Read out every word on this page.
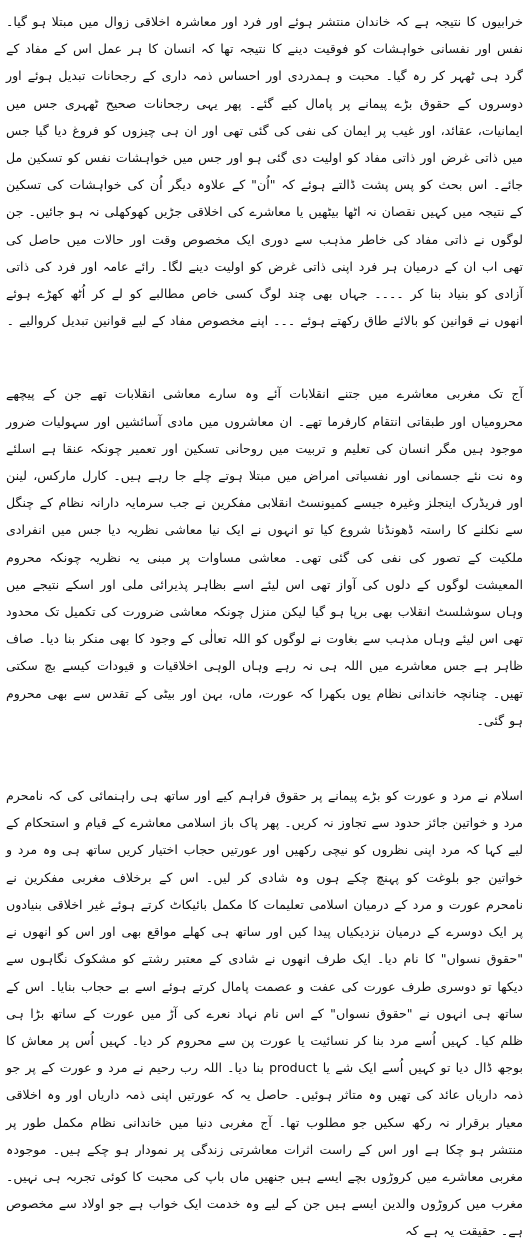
خرابیوں کا نتیجہ ہے کہ خاندان منتشر ہوئے اور فرد اور معاشرہ اخلاقی زوال میں مبتلا ہو گیا۔ نفس اور نفسانی خواہشات کو فوقیت دینے کا نتیجہ تھا کہ انسان کا ہر عمل اس کے مفاد کے گرد ہی ٹھہر کر رہ گیا۔ محبت و ہمدردی اور احساس ذمہ داری کے رجحانات تبدیل ہوئے اور دوسروں کے حقوق بڑے پیمانے پر پامال کیے گئے۔ پھر یہی رجحانات صحیح ٹھہری جس میں ایمانیات، عقائد، اور غیب پر ایمان کی نفی کی گئی تھی اور ان ہی چیزوں کو فروغ دیا گیا جس میں ذاتی غرض اور ذاتی مفاد کو اولیت دی گئی ہو اور جس میں خواہشات نفس کو تسکین مل جائے۔ اس بحث کو پس پشت ڈالتے ہوئے کہ "اُن" کے علاوہ دیگر اُن کی خواہشات کی تسکین کے نتیجہ میں کہیں نقصان نہ اٹھا بیٹھیں یا معاشرے کی اخلاقی جڑیں کھوکھلی نہ ہو جائیں۔ جن لوگوں نے ذاتی مفاد کی خاطر مذہب سے دوری ایک مخصوص وقت اور حالات میں حاصل کی تھی اب ان کے درمیان ہر فرد اپنی ذاتی غرض کو اولیت دینے لگا۔ رائے عامہ اور فرد کی ذاتی آزادی کو بنیاد بنا کر ۔۔۔۔ جہاں بھی چند لوگ کسی خاص مطالبے کو لے کر اُٹھ کھڑے ہوئے انھوں نے قوانین کو بالائے طاق رکھتے ہوئے ۔۔۔ اپنے مخصوص مفاد کے لیے قوانین تبدیل کروالیے ۔

آج تک مغربی معاشرے میں جتنے انقلابات آئے وہ سارے معاشی انقلابات تھے جن کے پیچھے محرومیاں اور طبقاتی انتقام کارفرما تھے۔ ان معاشروں میں مادی آسائشیں اور سہولیات ضرور موجود ہیں مگر انسان کی تعلیم و تربیت میں روحانی تسکین اور تعمیر چونکہ عنقا ہے اسلئے وہ نت نئے جسمانی اور نفسیاتی امراض میں مبتلا ہوتے چلے جا رہے ہیں۔ کارل مارکس، لینن اور فریڈرک اینجلز وغیرہ جیسے کمیونسٹ انقلابی مفکرین نے جب سرمایہ دارانہ نظام کے چنگل سے نکلنے کا راستہ ڈھونڈنا شروع کیا تو انہوں نے ایک نیا معاشی نظریہ دیا جس میں انفرادی ملکیت کے تصور کی نفی کی گئی تھی۔ معاشی مساوات پر مبنی یہ نظریہ چونکہ محروم المعیشت لوگوں کے دلوں کی آواز تھی اس لیئے اسے بظاہر پذیرائی ملی اور اسکے نتیجے میں وہاں سوشلسٹ انقلاب بھی برپا ہو گیا لیکن منزل چونکہ معاشی ضرورت کی تکمیل تک محدود تھی اس لیئے وہاں مذہب سے بغاوت نے لوگوں کو اللہ تعالٰی کے وجود کا بھی منکر بنا دیا۔ صاف ظاہر ہے جس معاشرے میں اللہ ہی نہ رہے وہاں الوہی اخلاقیات و قیودات کیسے بچ سکتی تھیں۔ چنانچہ خاندانی نظام یوں بکھرا کہ عورت، ماں، بہن اور بیٹی کے تقدس سے بھی محروم ہو گئی۔

اسلام نے مرد و عورت کو بڑے پیمانے پر حقوق فراہم کیے اور ساتھ ہی راہنمائی کی کہ نامحرم مرد و خواتین جائز حدود سے تجاوز نہ کریں۔ پھر پاک باز اسلامی معاشرے کے قیام و استحکام کے لیے کہا کہ مرد اپنی نظروں کو نیچی رکھیں اور عورتیں حجاب اختیار کریں ساتھ ہی وہ مرد و خواتین جو بلوغت کو پہنچ چکے ہوں وہ شادی کر لیں۔ اس کے برخلاف مغربی مفکرین نے نامحرم عورت و مرد کے درمیان اسلامی تعلیمات کا مکمل بائیکاٹ کرتے ہوئے غیر اخلاقی بنیادوں پر ایک دوسرے کے درمیان نزدیکیاں پیدا کیں اور ساتھ ہی کھلے مواقع بھی اور اس کو انھوں نے "حقوق نسواں" کا نام دیا۔ ایک طرف انھوں نے شادی کے معتبر رشتے کو مشکوک نگاہوں سے دیکھا تو دوسری طرف عورت کی عفت و عصمت پامال کرتے ہوئے اسے بے حجاب بنایا۔ اس کے ساتھ ہی انہوں نے "حقوق نسواں" کے اس نام نہاد نعرے کی آڑ میں عورت کے ساتھ بڑا ہی ظلم کیا۔ کہیں اُسے مرد بنا کر نسائیت یا عورت پن سے محروم کر دیا۔ کہیں اُس پر معاش کا بوجھ ڈال دیا تو کہیں اُسے ایک شے یا product بنا دیا۔ اللہ رب رحیم نے مرد و عورت کے پر جو ذمہ داریاں عائد کی تھیں وہ متاثر ہوئیں۔ حاصل یہ کہ عورتیں اپنی ذمہ داریاں اور وہ اخلاقی معیار برقرار نہ رکھ سکیں جو مطلوب تھا۔ آج مغربی دنیا میں خاندانی نظام مکمل طور پر منتشر ہو چکا ہے اور اس کے راست اثرات معاشرتی زندگی پر نمودار ہو چکے ہیں۔ موجودہ مغربی معاشرے میں کروڑوں بچے ایسے ہیں جنھیں ماں باپ کی محبت کا کوئی تجربہ ہی نہیں۔ مغرب میں کروڑوں والدین ایسے ہیں جن کے لیے وہ خدمت ایک خواب ہے جو اولاد سے مخصوص ہے۔ حقیقت یہ ہے کہ
